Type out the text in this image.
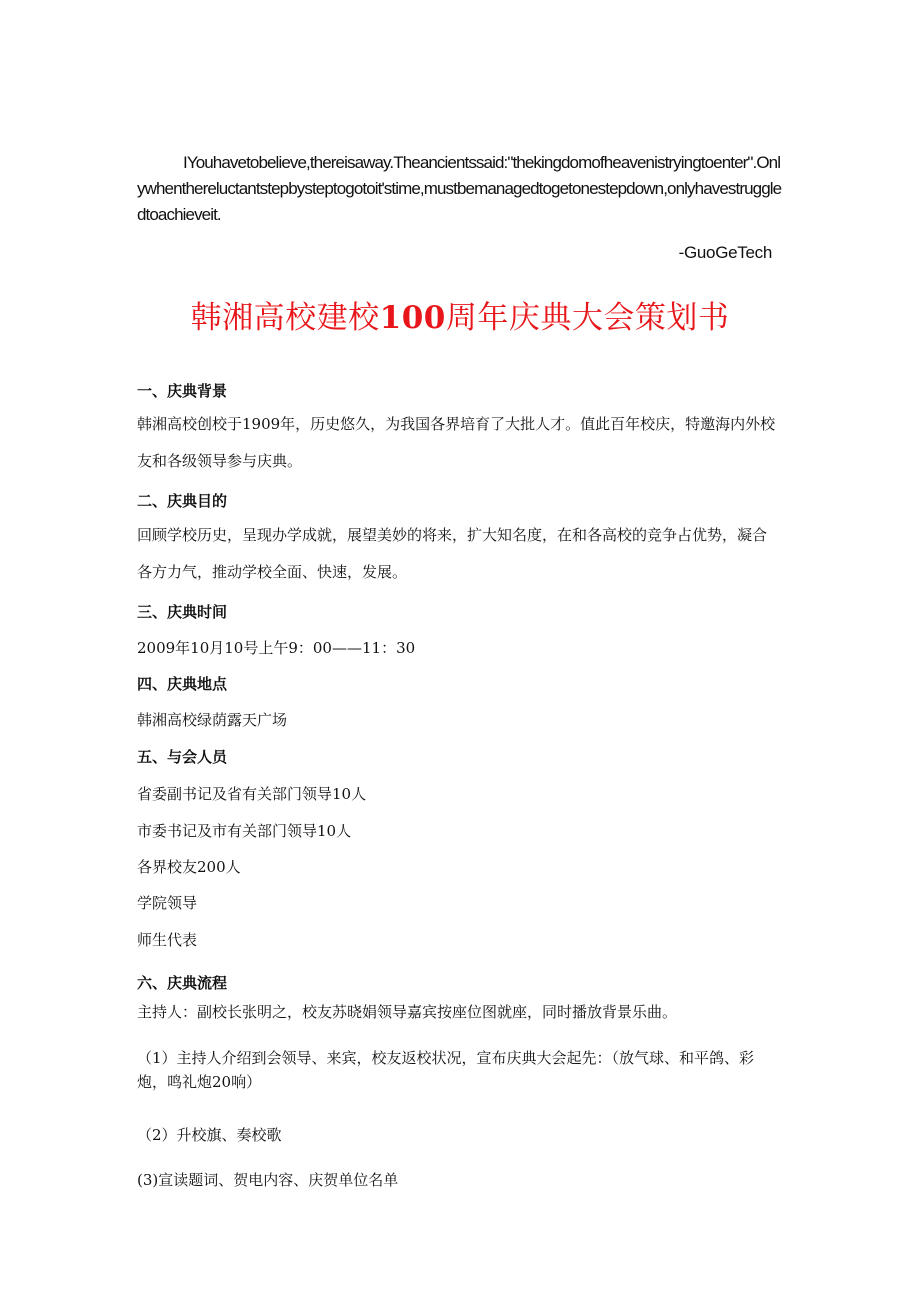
IYouhavetobelieve,thereisaway.Theancientssaid:"thekingdomofheavenistryingtoenter".Onlywhenthereluctantstepbysteptogotoit'stime,mustbemanagedtogetonestepdown,onlyhavestruggledtoachieveit.
-GuoGeTech
韩湘高校建校100周年庆典大会策划书
一、庆典背景
韩湘高校创校于1909年，历史悠久，为我国各界培育了大批人才。值此百年校庆，特邀海内外校友和各级领导参与庆典。
二、庆典目的
回顾学校历史，呈现办学成就，展望美妙的将来，扩大知名度，在和各高校的竞争占优势，凝合各方力气，推动学校全面、快速，发展。
三、庆典时间
2009年10月10号上午9：00——11：30
四、庆典地点
韩湘高校绿荫露天广场
五、与会人员
省委副书记及省有关部门领导10人
市委书记及市有关部门领导10人
各界校友200人
学院领导
师生代表
六、庆典流程
主持人：副校长张明之，校友苏晓娟领导嘉宾按座位图就座，同时播放背景乐曲。
（1）主持人介绍到会领导、来宾，校友返校状况，宣布庆典大会起先：（放气球、和平鸽、彩炮，鸣礼炮20响）
（2）升校旗、奏校歌
(3)宣读题词、贺电内容、庆贺单位名单
